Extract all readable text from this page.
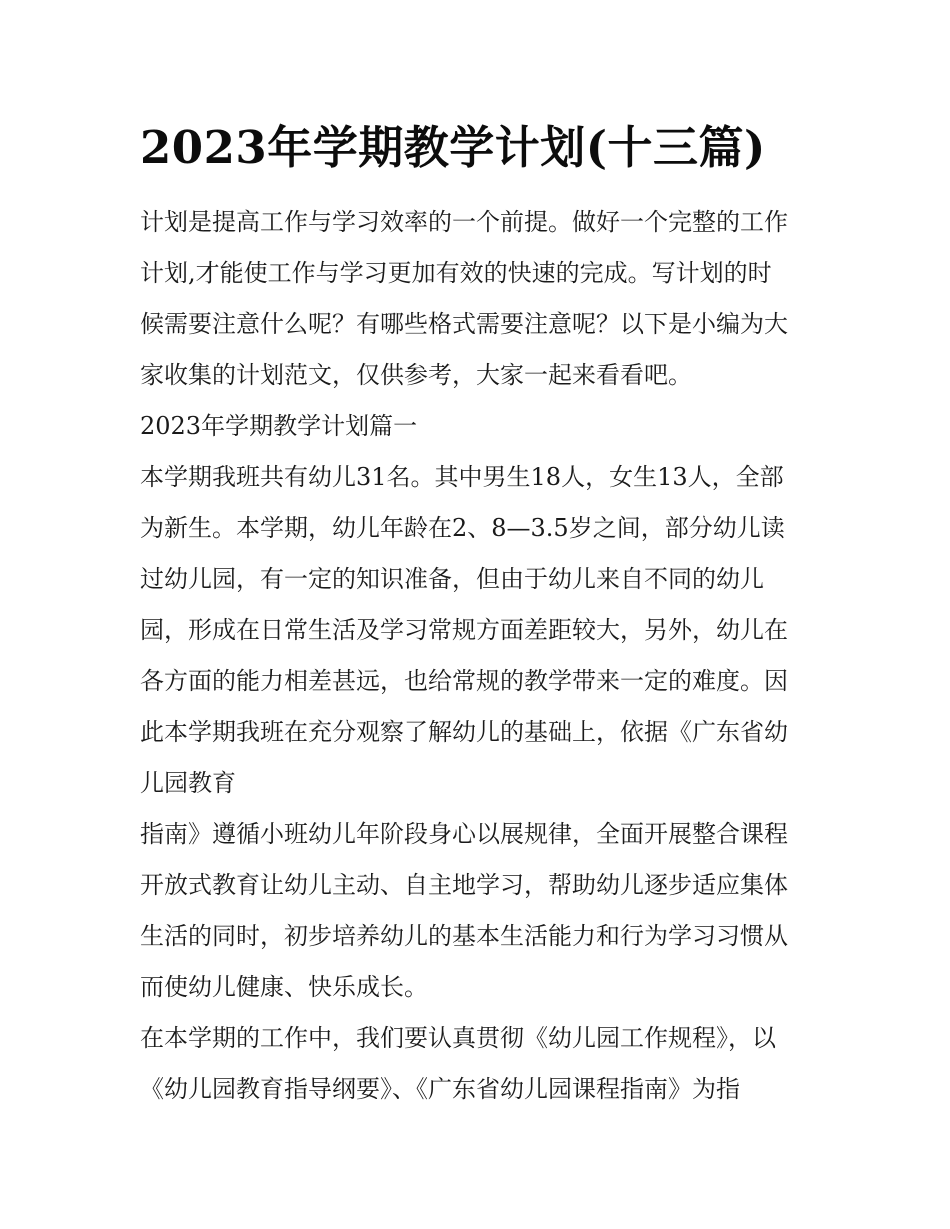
2023年学期教学计划(十三篇)

计划是提高工作与学习效率的一个前提。做好一个完整的工作
计划,才能使工作与学习更加有效的快速的完成。写计划的时
候需要注意什么呢？有哪些格式需要注意呢？以下是小编为大
家收集的计划范文，仅供参考，大家一起来看看吧。

2023年学期教学计划篇一

本学期我班共有幼儿31名。其中男生18人，女生13人，全部
为新生。本学期，幼儿年龄在2、8—3.5岁之间，部分幼儿读
过幼儿园，有一定的知识准备，但由于幼儿来自不同的幼儿
园，形成在日常生活及学习常规方面差距较大，另外，幼儿在
各方面的能力相差甚远，也给常规的教学带来一定的难度。因
此本学期我班在充分观察了解幼儿的基础上，依据《广东省幼
儿园教育

指南》遵循小班幼儿年阶段身心以展规律，全面开展整合课程
开放式教育让幼儿主动、自主地学习，帮助幼儿逐步适应集体
生活的同时，初步培养幼儿的基本生活能力和行为学习习惯从
而使幼儿健康、快乐成长。

在本学期的工作中，我们要认真贯彻《幼儿园工作规程》，以
《幼儿园教育指导纲要》、《广东省幼儿园课程指南》为指
